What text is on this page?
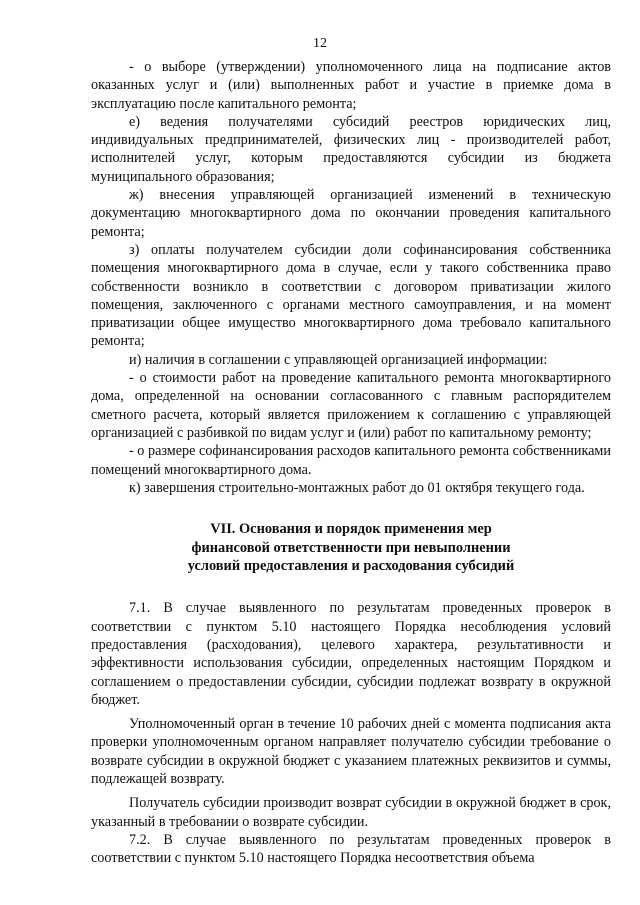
12

- о выборе (утверждении) уполномоченного лица на подписание актов оказанных услуг и (или) выполненных работ и участие в приемке дома в эксплуатацию после капитального ремонта;

е) ведения получателями субсидий реестров юридических лиц, индивидуальных предпринимателей, физических лиц - производителей работ, исполнителей услуг, которым предоставляются субсидии из бюджета муниципального образования;

ж) внесения управляющей организацией изменений в техническую документацию многоквартирного дома по окончании проведения капитального ремонта;

з) оплаты получателем субсидии доли софинансирования собственника помещения многоквартирного дома в случае, если у такого собственника право собственности возникло в соответствии с договором приватизации жилого помещения, заключенного с органами местного самоуправления, и на момент приватизации общее имущество многоквартирного дома требовало капитального ремонта;

и) наличия в соглашении с управляющей организацией информации:

- о стоимости работ на проведение капитального ремонта многоквартирного дома, определенной на основании согласованного с главным распорядителем сметного расчета, который является приложением к соглашению с управляющей организацией с разбивкой по видам услуг и (или) работ по капитальному ремонту;

- о размере софинансирования расходов капитального ремонта собственниками помещений многоквартирного дома.

к) завершения строительно-монтажных работ до 01 октября текущего года.

VII. Основания и порядок применения мер
финансовой ответственности при невыполнении
условий предоставления и расходования субсидий

7.1. В случае выявленного по результатам проведенных проверок в соответствии с пунктом 5.10 настоящего Порядка несоблюдения условий предоставления (расходования), целевого характера, результативности и эффективности использования субсидии, определенных настоящим Порядком и соглашением о предоставлении субсидии, субсидии подлежат возврату в окружной бюджет.

Уполномоченный орган в течение 10 рабочих дней с момента подписания акта проверки уполномоченным органом направляет получателю субсидии требование о возврате субсидии в окружной бюджет с указанием платежных реквизитов и суммы, подлежащей возврату.

Получатель субсидии производит возврат субсидии в окружной бюджет в срок, указанный в требовании о возврате субсидии.

7.2. В случае выявленного по результатам проведенных проверок в соответствии с пунктом 5.10 настоящего Порядка несоответствия объема
